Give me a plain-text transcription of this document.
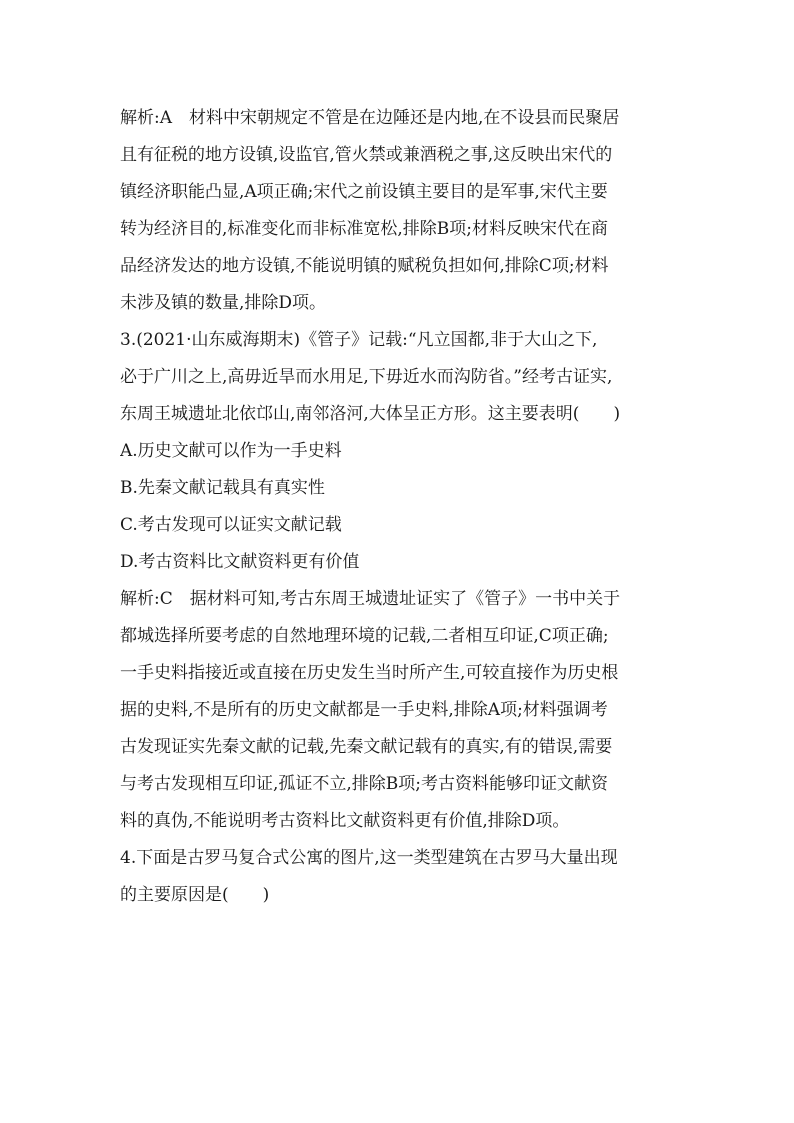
解析:A　材料中宋朝规定不管是在边陲还是内地,在不设县而民聚居
且有征税的地方设镇,设监官,管火禁或兼酒税之事,这反映出宋代的
镇经济职能凸显,A项正确;宋代之前设镇主要目的是军事,宋代主要
转为经济目的,标准变化而非标准宽松,排除B项;材料反映宋代在商
品经济发达的地方设镇,不能说明镇的赋税负担如何,排除C项;材料
未涉及镇的数量,排除D项。
3.(2021·山东威海期末)《管子》记载:“凡立国都,非于大山之下,
必于广川之上,高毋近旱而水用足,下毋近水而沟防省。”经考古证实,
东周王城遗址北依邙山,南邻洛河,大体呈正方形。这主要表明(　　)
A.历史文献可以作为一手史料
B.先秦文献记载具有真实性
C.考古发现可以证实文献记载
D.考古资料比文献资料更有价值
解析:C　据材料可知,考古东周王城遗址证实了《管子》一书中关于
都城选择所要考虑的自然地理环境的记载,二者相互印证,C项正确;
一手史料指接近或直接在历史发生当时所产生,可较直接作为历史根
据的史料,不是所有的历史文献都是一手史料,排除A项;材料强调考
古发现证实先秦文献的记载,先秦文献记载有的真实,有的错误,需要
与考古发现相互印证,孤证不立,排除B项;考古资料能够印证文献资
料的真伪,不能说明考古资料比文献资料更有价值,排除D项。
4.下面是古罗马复合式公寓的图片,这一类型建筑在古罗马大量出现
的主要原因是(　　)
